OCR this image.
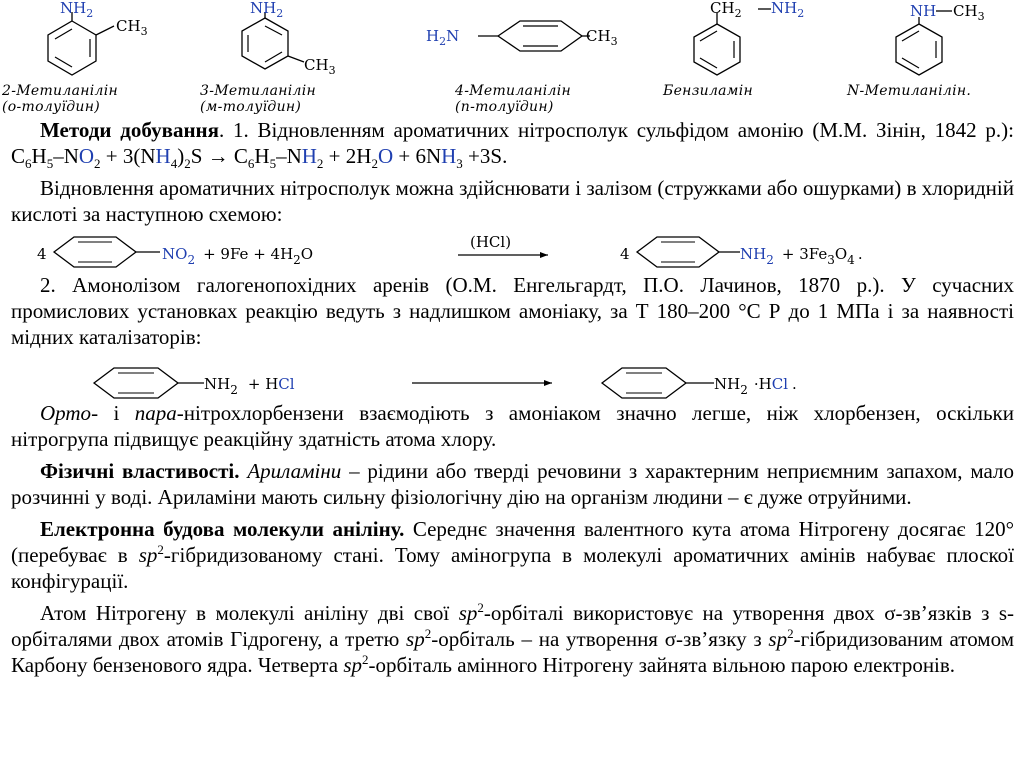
$NH_2$
$CH_3$
2-Метиланілін
(о-толуїдин)
$NH_2$
$CH_3$
3-Метиланілін
(м-толуїдин)
$H_2N$	$CH_3$
4-Метиланілін
(п-толуїдин)
$CH_2$ $NH_2$
Бензиламін
NH $CH_3$
N-Метиланілін.

Методи добування. 1. Відновленням ароматичних нітросполук сульфідом амонію (М.М. Зінін, 1842 р.): $C_6H_5-NO_2 + 3(NH_4)_2S \to C_6H_5-NH_2 + 2H_2O + 6NH_3 +3S$.

Відновлення ароматичних нітросполук можна здійснювати і залізом (стружками або ошурками) в хлоридній кислоті за наступною схемою:

4	$NO_2 + 9Fe + 4H_2O$
(HCl)
4	$NH_2 + 3Fe_3O_4$ .

2. Амонолізом галогенопохідних аренів (О.М. Енгельгардт, П.О. Лачинов, 1870 р.). У сучасних промислових установках реакцію ведуть з надлишком амоніаку, за Т 180–200 °С Р до 1 МПа і за наявності мідних каталізаторів:

$NH_2$ + HCl	$NH_2 \cdot HCl$ .

Орто- і пара-нітрохлорбензени взаємодіють з амоніаком значно легше, ніж хлорбензен, оскільки нітрогрупа підвищує реакційну здатність атома хлору.

Фізичні властивості. Ариламіни – рідини або тверді речовини з характерним неприємним запахом, мало розчинні у воді. Ариламіни мають сильну фізіологічну дію на організм людини – є дуже отруйними.

Електронна будова молекули аніліну. Середнє значення валентного кута атома Нітрогену досягає 120° (перебуває в $sp^2$-гібридизованому стані. Тому аміногрупа в молекулі ароматичних амінів набуває плоскої конфігурації.

Атом Нітрогену в молекулі аніліну дві свої $sp^2$-орбіталі використовує на утворення двох σ-зв’язків з s-орбіталями двох атомів Гідрогену, а третю $sp^2$-орбіталь – на утворення σ-зв’язку з $sp^2$-гібридизованим атомом Карбону бензенового ядра. Четверта $sp^2$-орбіталь амінного Нітрогену зайнята вільною парою електронів.
